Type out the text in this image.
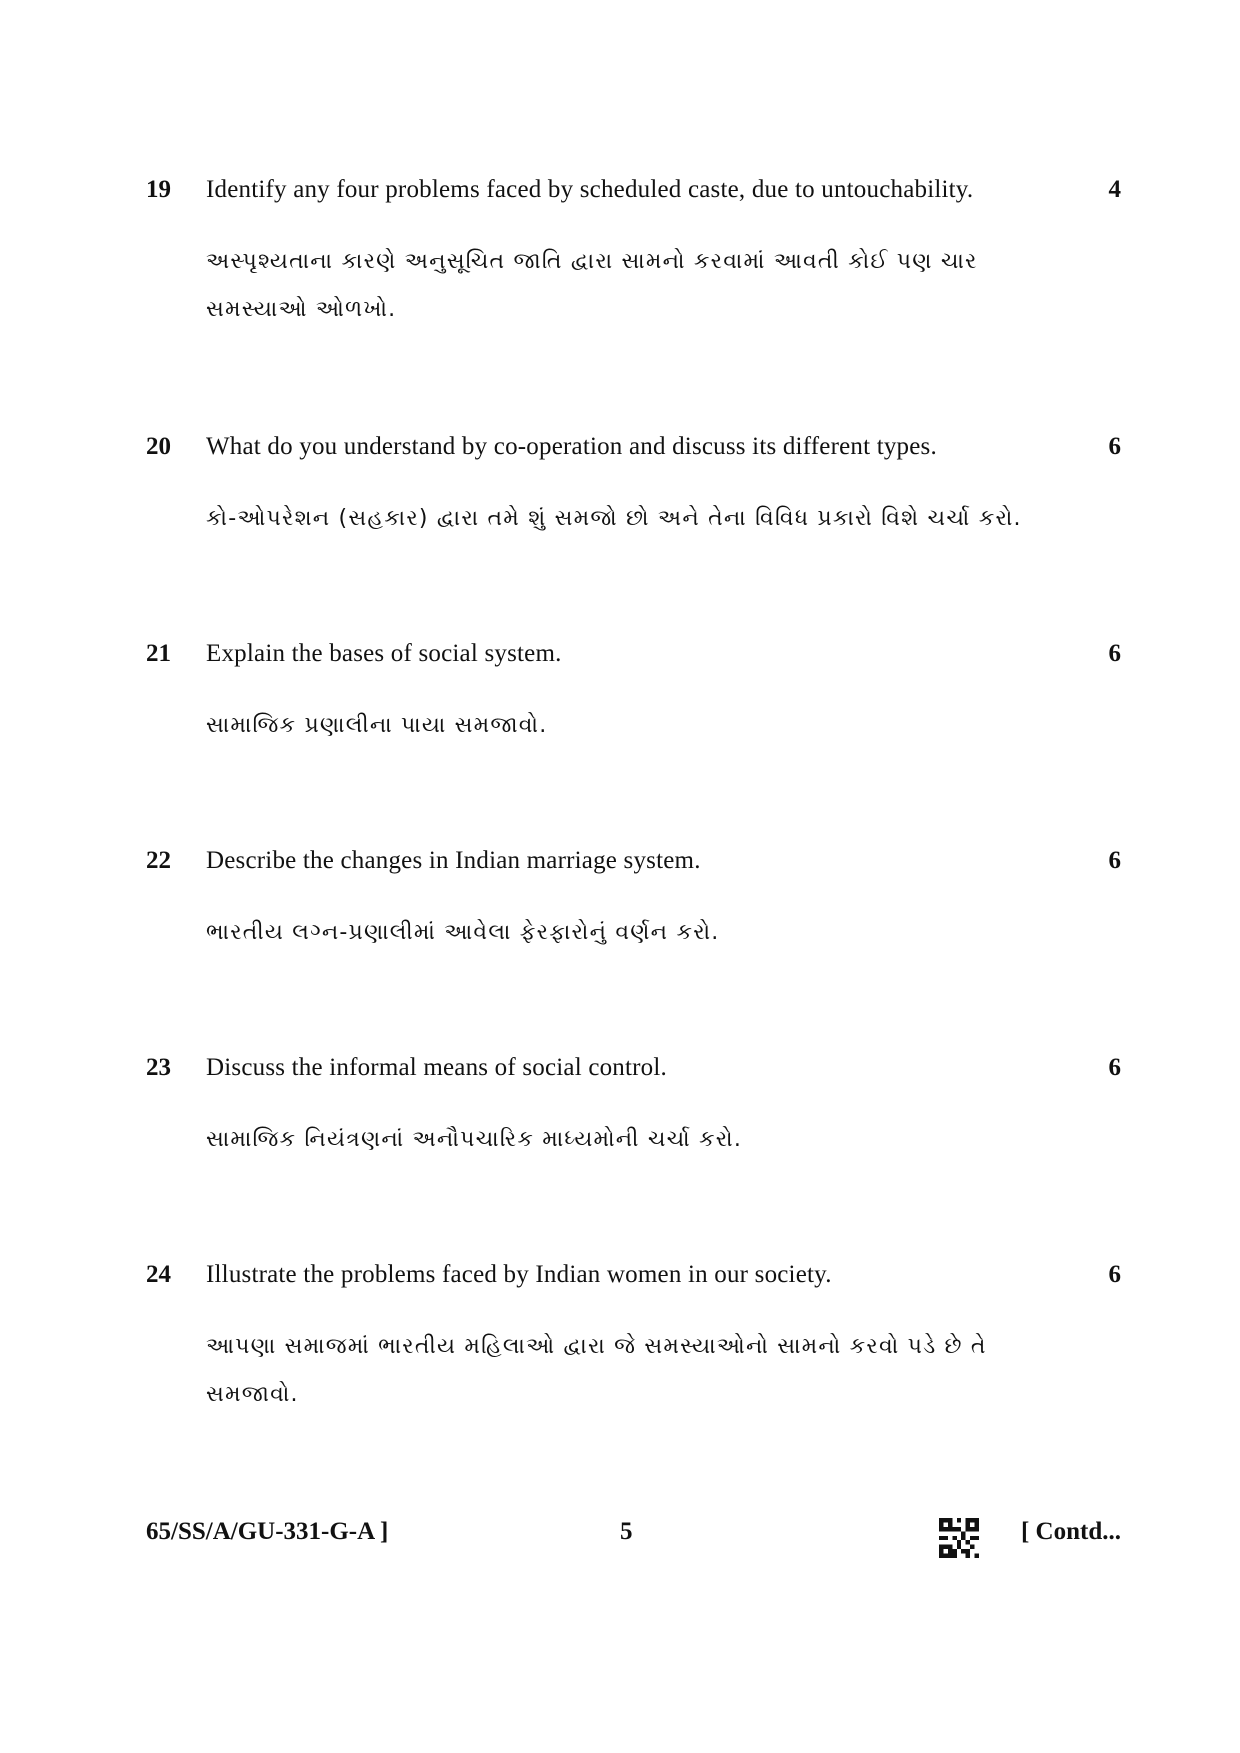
19	Identify any four problems faced by scheduled caste, due to untouchability.	4
અસ્પૃશ્યતાના કારણે અનુસૂચિત જાતિ દ્વારા સામનો કરવામાં આવતી કોઈ પણ ચાર સમસ્યાઓ ઓળખો.
20	What do you understand by co-operation and discuss its different types.	6
કો-ઓપરેશન (સહકાર) દ્વારા તમે શું સમજો છો અને તેના વિવિધ પ્રકારો વિશે ચર્ચા કરો.
21	Explain the bases of social system.	6
સામાજિક પ્રણાલીના પાયા સમજાવો.
22	Describe the changes in Indian marriage system.	6
ભારતીય લગ્ન-પ્રણાલીમાં આવેલા ફેરફારોનું વર્ણન કરો.
23	Discuss the informal means of social control.	6
સામાજિક નિયંત્રણનાં અનૌપચારિક માધ્યમોની ચર્ચા કરો.
24	Illustrate the problems faced by Indian women in our society.	6
આપણા સમાજમાં ભારતીય મહિલાઓ દ્વારા જે સમસ્યાઓનો સામનો કરવો પડે છે તે સમજાવો.
65/SS/A/GU-331-G-A ]	5	[ Contd...
